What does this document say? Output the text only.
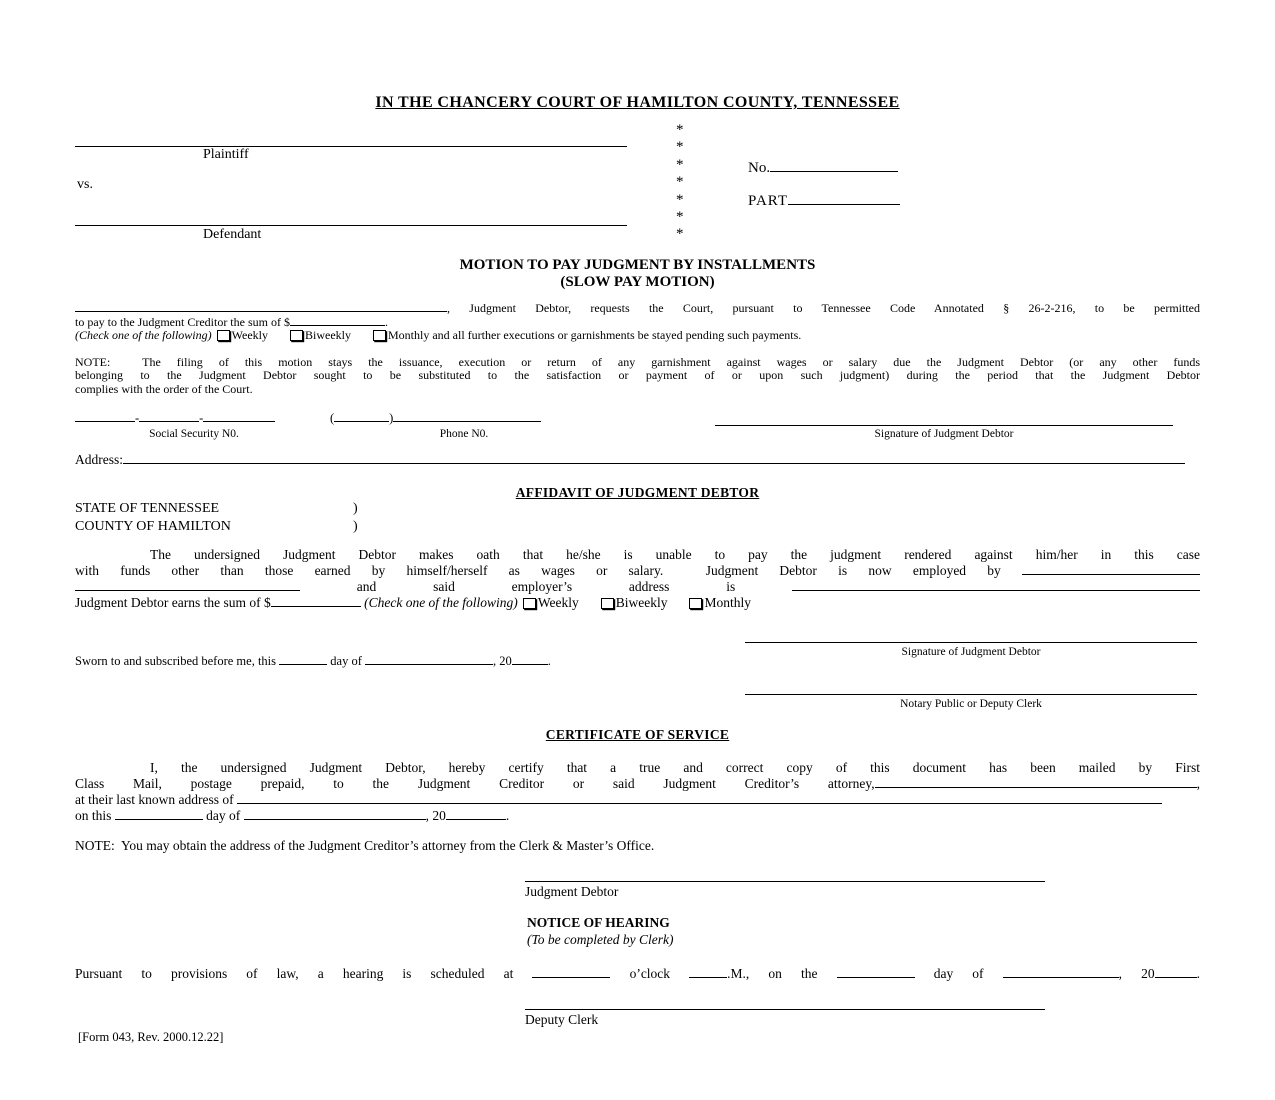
IN THE CHANCERY COURT OF HAMILTON COUNTY, TENNESSEE
Plaintiff
vs.
Defendant
*
*
*
*
*
*
*
No.
PART
MOTION TO PAY JUDGMENT BY INSTALLMENTS
(SLOW PAY MOTION)
, Judgment Debtor, requests the Court, pursuant to Tennessee Code Annotated § 26-2-216, to be permitted
to pay to the Judgment Creditor the sum of $	.
(Check one of the following) Weekly	Biweekly	Monthly and all further executions or garnishments be stayed pending such payments.
NOTE:  The filing of this motion stays the issuance, execution or return of any garnishment against wages or salary due the Judgment Debtor (or any other funds
belonging to the Judgment Debtor sought to be substituted to the satisfaction or payment of or upon such judgment) during the period that the Judgment Debtor
complies with the order of the Court.
-	-
Social Security N0.
(	)
Phone N0.	Signature of Judgment Debtor
Address:
AFFIDAVIT OF JUDGMENT DEBTOR
STATE OF TENNESSEE	)
COUNTY OF HAMILTON	)
The undersigned Judgment Debtor makes oath that he/she is unable to pay the judgment rendered against him/her in this case
with funds other than those earned by himself/herself as wages or salary.  Judgment Debtor is now employed by
and said employer’s address is
Judgment Debtor earns the sum of $	(Check one of the following) Weekly	Biweekly	Monthly
Signature of Judgment Debtor
Sworn to and subscribed before me, this	day of	, 20	.
Notary Public or Deputy Clerk
CERTIFICATE OF SERVICE
I, the undersigned Judgment Debtor, hereby certify that a true and correct copy of this document has been mailed by First
Class Mail, postage prepaid, to the Judgment Creditor or said Judgment Creditor’s attorney,	,
at their last known address of
on this	day of	, 20	.
NOTE:  You may obtain the address of the Judgment Creditor’s attorney from the Clerk & Master’s Office.
Judgment Debtor
NOTICE OF HEARING
(To be completed by Clerk)
Pursuant to provisions of law, a hearing is scheduled at	o’clock	.M., on the	day of	, 20	.
Deputy Clerk
[Form 043, Rev. 2000.12.22]
